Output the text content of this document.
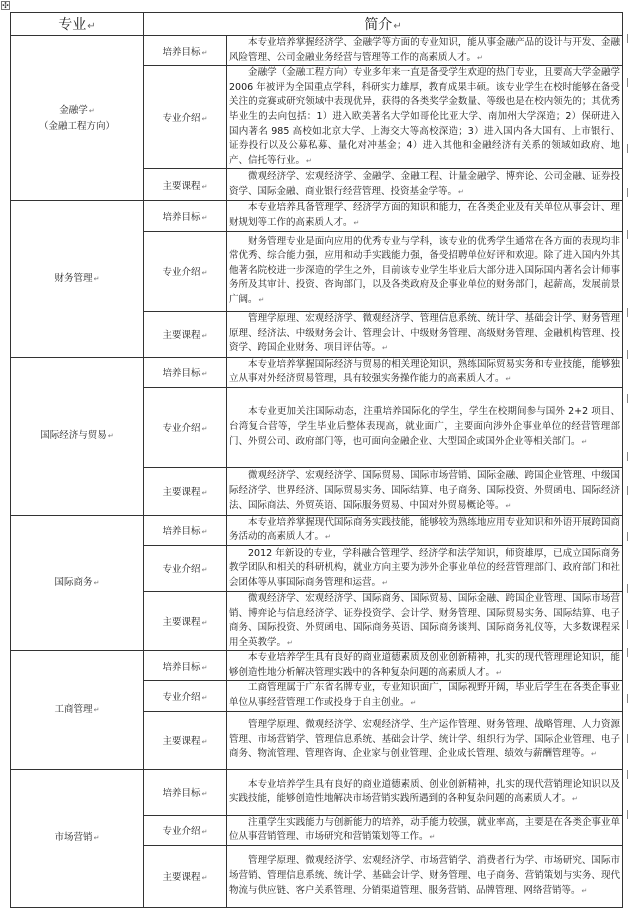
✣
专业↵	简介↵	
金融学↵
（金融工程方向）	培养目标↵	本专业培养掌握经济学、金融学等方面的专业知识，能从事金融产品的设计与开发、金融风险管理、公司金融业务经营与管理等工作的高素质人才。↵
	专业介绍↵	金融学（金融工程方向）专业多年来一直是备受学生欢迎的热门专业，且要高大学金融学 2006 年被评为全国重点学科，科研实力雄厚，教育成果丰硕。该专业学生在校时能够在备受关注的竞赛或研究领域中表现优异，获得的各类奖学金数量、等级也是在校内领先的；其优秀毕业生的去向包括：1）进入欧美著名大学如哥伦比亚大学、南加州大学深造；2）保研进入国内著名 985 高校如北京大学、上海交大等高校深造；3）进入国内各大国有、上市银行、证券投行以及公募私募、量化对冲基金；4）进入其他和金融经济有关系的领域如政府、地产、信托等行业。↵
	主要课程↵	微观经济学、宏观经济学、金融学、金融工程、计量金融学、博弈论、公司金融、证券投资学、国际金融、商业银行经营管理、投资基金学等。↵
财务管理↵	培养目标↵	本专业培养具备管理学、经济学方面的知识和能力，在各类企业及有关单位从事会计、理财规划等工作的高素质人才。↵
	专业介绍↵	财务管理专业是面向应用的优秀专业与学科，该专业的优秀学生通常在各方面的表现均非常优秀、综合能力强，应用和动手实践能力强，备受招聘单位好评和欢迎。除了进入国内外其他著名院校进一步深造的学生之外，目前该专业学生毕业后大部分进入国际国内著名会计师事务所及其审计、投资、咨询部门，以及各类政府及企事业单位的财务部门，起薪高，发展前景广阔。↵
	主要课程↵	管理学原理、宏观经济学、微观经济学、管理信息系统、统计学、基础会计学、财务管理原理、经济法、中级财务会计、管理会计、中级财务管理、高级财务管理、金融机构管理、投资学、跨国企业财务、项目评估等。↵
国际经济与贸易↵	培养目标↵	本专业培养掌握国际经济与贸易的相关理论知识，熟练国际贸易实务和专业技能，能够独立从事对外经济贸易管理，具有较强实务操作能力的高素质人才。↵
	专业介绍↵	本专业更加关注国际动态，注重培养国际化的学生，学生在校期间参与国外 2+2 项目、台湾复合营等，学生毕业后整体表现高，就业面广，主要面向涉外企事业单位的经营管理部门、外贸公司、政府部门等，也可面向金融企业、大型国企或国外企业等相关部门。↵
	主要课程↵	微观经济学、宏观经济学、国际贸易、国际市场营销、国际金融、跨国企业管理、中级国际经济学、世界经济、国际贸易实务、国际结算、电子商务、国际投资、外贸函电、国际经济法、国际商法、外贸英语、国际服务贸易、中国对外贸易概论等。↵
国际商务↵	培养目标↵	本专业培养掌握现代国际商务实践技能，能够较为熟练地应用专业知识和外语开展跨国商务活动的高素质人才。↵
	专业介绍↵	2012 年新设的专业，学科融合管理学、经济学和法学知识，师资雄厚，已成立国际商务教学团队和相关的科研机构，就业方向主要为涉外企事业单位的经营管理部门、政府部门和社会团体等从事国际商务管理和运营。↵
	主要课程↵	微观经济学、宏观经济学、国际商务、国际贸易、国际金融、跨国企业管理、国际市场营销、博弈论与信息经济学、证券投资学、会计学、财务管理、国际贸易实务、国际结算、电子商务、国际投资、外贸函电、国际商务英语、国际商务谈判、国际商务礼仪等，大多数课程采用全英教学。↵
工商管理↵	培养目标↵	本专业培养学生具有良好的商业道德素质及创业创新精神，扎实的现代管理理论知识，能够创造性地分析解决管理实践中的各种复杂问题的高素质人才。↵
	专业介绍↵	工商管理属于广东省名牌专业，专业知识面广，国际视野开阔，毕业后学生在各类企事业单位从事经营管理工作或投身于自主创业。↵
	主要课程↵	管理学原理、微观经济学、宏观经济学、生产运作管理、财务管理、战略管理、人力资源管理、市场营销学、管理信息系统、基础会计学、统计学、组织行为学、国际企业管理、电子商务、物流管理、管理咨询、企业家与创业管理、企业成长管理、绩效与薪酬管理等。↵
市场营销↵	培养目标↵	本专业培养学生具有良好的商业道德素质、创业创新精神，扎实的现代营销理论知识以及实践技能，能够创造性地解决市场营销实践所遇到的各种复杂问题的高素质人才。↵
	专业介绍↵	注重学生实践能力与创新能力的培养，动手能力较强，就业率高，主要是在各类企事业单位从事营销管理、市场研究和营销策划等工作。↵
	主要课程↵	管理学原理、微观经济学、宏观经济学、市场营销学、消费者行为学、市场研究、国际市场营销、管理信息系统、统计学、基础会计学、财务管理、电子商务、营销策划与实务、现代物流与供应链、客户关系管理、分销渠道管理、服务营销、品牌管理、网络营销等。↵
